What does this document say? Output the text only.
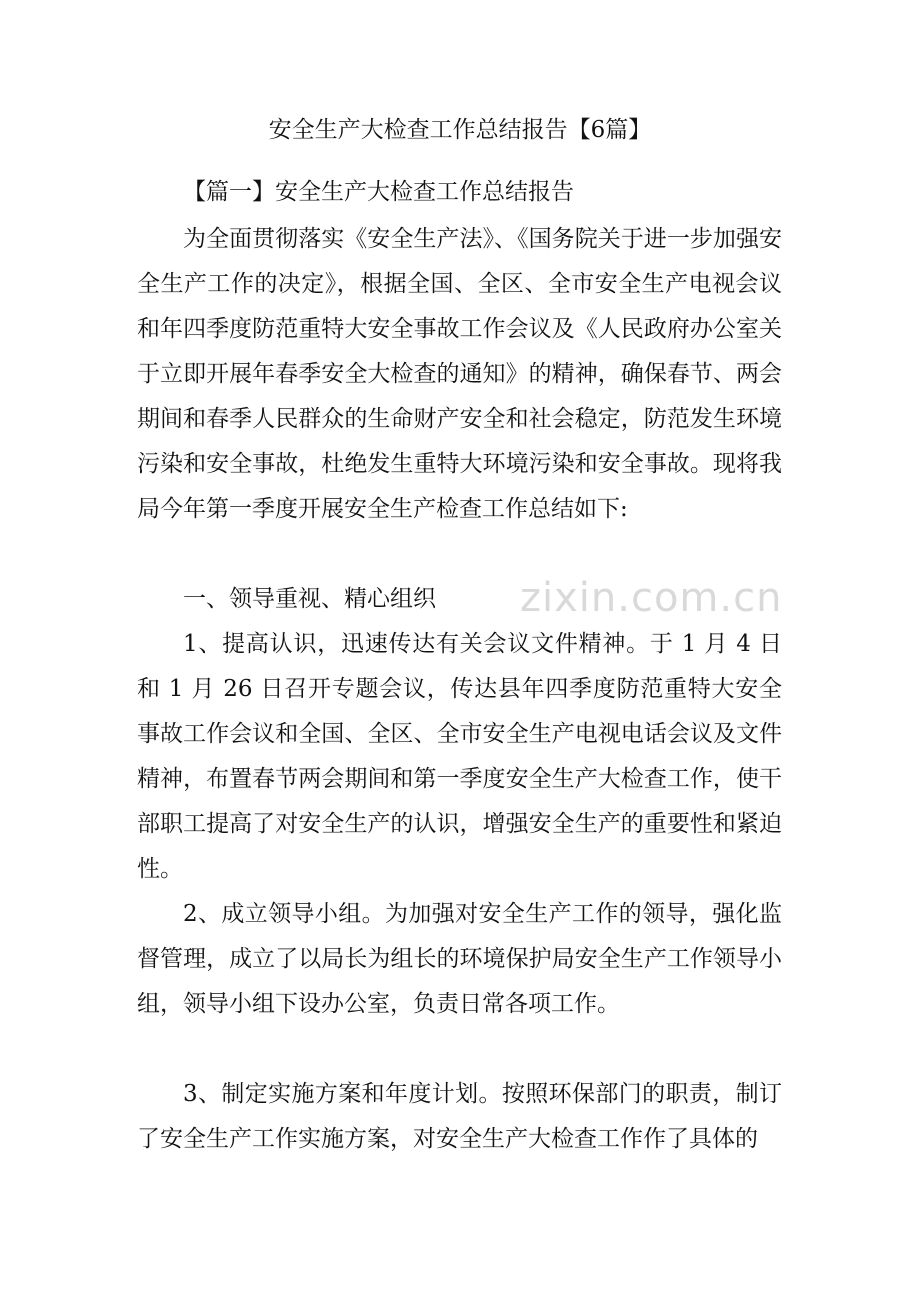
zixin.com.cn
安全生产大检查工作总结报告【6篇】

【篇一】安全生产大检查工作总结报告

为全面贯彻落实《安全生产法》、《国务院关于进一步加强安全生产工作的决定》，根据全国、全区、全市安全生产电视会议和年四季度防范重特大安全事故工作会议及《人民政府办公室关于立即开展年春季安全大检查的通知》的精神，确保春节、两会期间和春季人民群众的生命财产安全和社会稳定，防范发生环境污染和安全事故，杜绝发生重特大环境污染和安全事故。现将我局今年第一季度开展安全生产检查工作总结如下:

一、领导重视、精心组织

1、提高认识，迅速传达有关会议文件精神。于 1 月 4 日和 1 月 26 日召开专题会议，传达县年四季度防范重特大安全事故工作会议和全国、全区、全市安全生产电视电话会议及文件精神，布置春节两会期间和第一季度安全生产大检查工作，使干部职工提高了对安全生产的认识，增强安全生产的重要性和紧迫性。

2、成立领导小组。为加强对安全生产工作的领导，强化监督管理，成立了以局长为组长的环境保护局安全生产工作领导小组，领导小组下设办公室，负责日常各项工作。

3、制定实施方案和年度计划。按照环保部门的职责，制订了安全生产工作实施方案，对安全生产大检查工作作了具体的
